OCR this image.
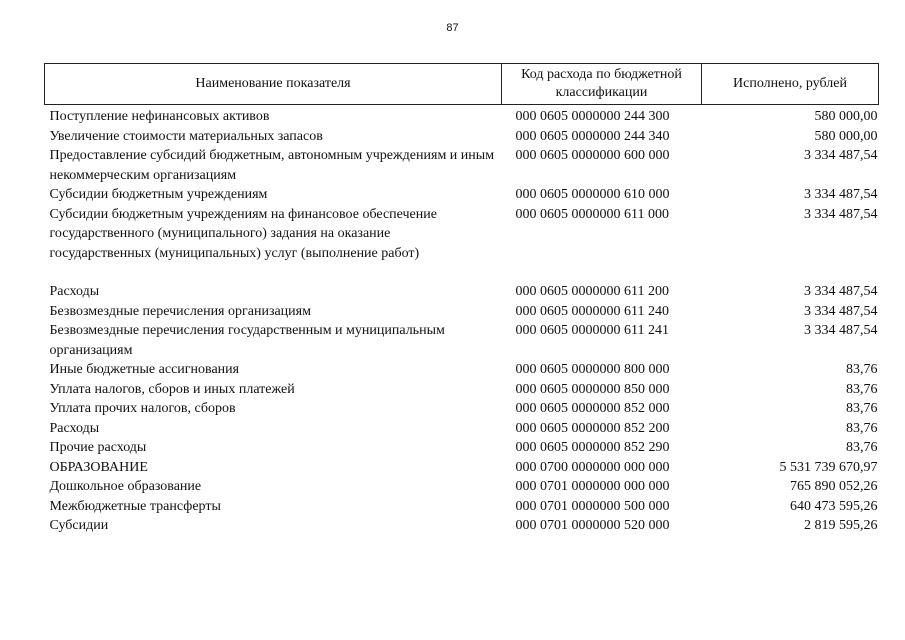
87
Наименование показателя	Код расхода по бюджетной классификации	Исполнено, рублей
Поступление нефинансовых активов	000 0605 0000000 244 300	580 000,00
Увеличение стоимости материальных запасов	000 0605 0000000 244 340	580 000,00
Предоставление субсидий бюджетным, автономным учреждениям и иным некоммерческим организациям	000 0605 0000000 600 000	3 334 487,54
Субсидии бюджетным учреждениям	000 0605 0000000 610 000	3 334 487,54
Субсидии бюджетным учреждениям на финансовое обеспечение государственного (муниципального) задания на оказание государственных (муниципальных) услуг (выполнение работ)	000 0605 0000000 611 000	3 334 487,54

Расходы	000 0605 0000000 611 200	3 334 487,54
Безвозмездные перечисления организациям	000 0605 0000000 611 240	3 334 487,54
Безвозмездные перечисления государственным и муниципальным организациям	000 0605 0000000 611 241	3 334 487,54
Иные бюджетные ассигнования	000 0605 0000000 800 000	83,76
Уплата налогов, сборов и иных платежей	000 0605 0000000 850 000	83,76
Уплата прочих налогов, сборов	000 0605 0000000 852 000	83,76
Расходы	000 0605 0000000 852 200	83,76
Прочие расходы	000 0605 0000000 852 290	83,76
ОБРАЗОВАНИЕ	000 0700 0000000 000 000	5 531 739 670,97
Дошкольное образование	000 0701 0000000 000 000	765 890 052,26
Межбюджетные трансферты	000 0701 0000000 500 000	640 473 595,26
Субсидии	000 0701 0000000 520 000	2 819 595,26
